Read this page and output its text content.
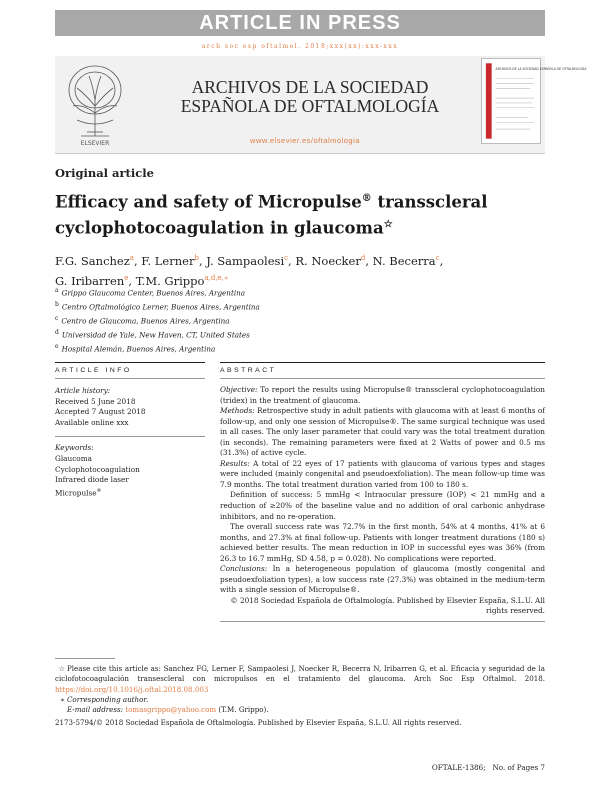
ARTICLE IN PRESS
arch soc esp oftalmol. 2018;xxx(xx):xxx-xxx
ELSEVIER
ARCHIVOS DE LA SOCIEDAD
ESPAÑOLA DE OFTALMOLOGÍA
www.elsevier.es/oftalmologia
ARCHIVOS DE LA SOCIEDAD ESPAÑOLA DE OFTALMOLOGÍA
Original article
Efficacy and safety of Micropulse® transscleral
cyclophotocoagulation in glaucoma☆
F.G. Sanchez$^a$, F. Lerner$^b$, J. Sampaolesi$^c$, R. Noecker$^d$, N. Becerra$^c$,
G. Iribarren$^e$, T.M. Grippo$^{a,d,e,∗}$
$^a$ Grippo Glaucoma Center, Buenos Aires, Argentina
$^b$ Centro Oftalmológico Lerner, Buenos Aires, Argentina
$^c$ Centro de Glaucoma, Buenos Aires, Argentina
$^d$ Universidad de Yale, New Haven, CT, United States
$^e$ Hospital Alemán, Buenos Aires, Argentina
ARTICLE INFO
Article history:
Received 5 June 2018
Accepted 7 August 2018
Available online xxx
Keywords:
Glaucoma
Cyclophotocoagulation
Infrared diode laser
Micropulse®
ABSTRACT

Objective: To report the results using Micropulse® transscleral cyclophotocoagulation (tridex) in the treatment of glaucoma.

Methods: Retrospective study in adult patients with glaucoma with at least 6 months of follow-up, and only one session of Micropulse®. The same surgical technique was used in all cases. The only laser parameter that could vary was the total treatment duration (in seconds). The remaining parameters were fixed at 2 Watts of power and 0.5 ms (31.3%) of active cycle.

Results: A total of 22 eyes of 17 patients with glaucoma of various types and stages were included (mainly congenital and pseudoexfoliation). The mean follow-up time was 7.9 months. The total treatment duration varied from 100 to 180 s.

Definition of success: 5 mmHg < Intraocular pressure (IOP) < 21 mmHg and a reduction of ≥20% of the baseline value and no addition of oral carbonic anhydrase inhibitors, and no re-operation.

The overall success rate was 72.7% in the first month, 54% at 4 months, 41% at 6 months, and 27.3% at final follow-up. Patients with longer treatment durations (180 s) achieved better results. The mean reduction in IOP in successful eyes was 36% (from 26.3 to 16.7 mmHg, SD 4.58, p = 0.028). No complications were reported.

Conclusions: In a heterogeneous population of glaucoma (mostly congenital and pseudoexfoliation types), a low success rate (27.3%) was obtained in the medium-term with a single session of Micropulse®.

© 2018 Sociedad Española de Oftalmología. Published by Elsevier España, S.L.U. All rights reserved.

☆ Please cite this article as: Sanchez FG, Lerner F, Sampaolesi J, Noecker R, Becerra N, Iribarren G, et al. Eficacia y seguridad de la ciclofotocoagulación transescleral con micropulsos en el tratamiento del glaucoma. Arch Soc Esp Oftalmol. 2018. https://doi.org/10.1016/j.oftal.2018.08.003
∗ Corresponding author.
E-mail address: tomasgrippo@yahoo.com (T.M. Grippo).
2173-5794/© 2018 Sociedad Española de Oftalmología. Published by Elsevier España, S.L.U. All rights reserved.
OFTALE-1386; No. of Pages 7
